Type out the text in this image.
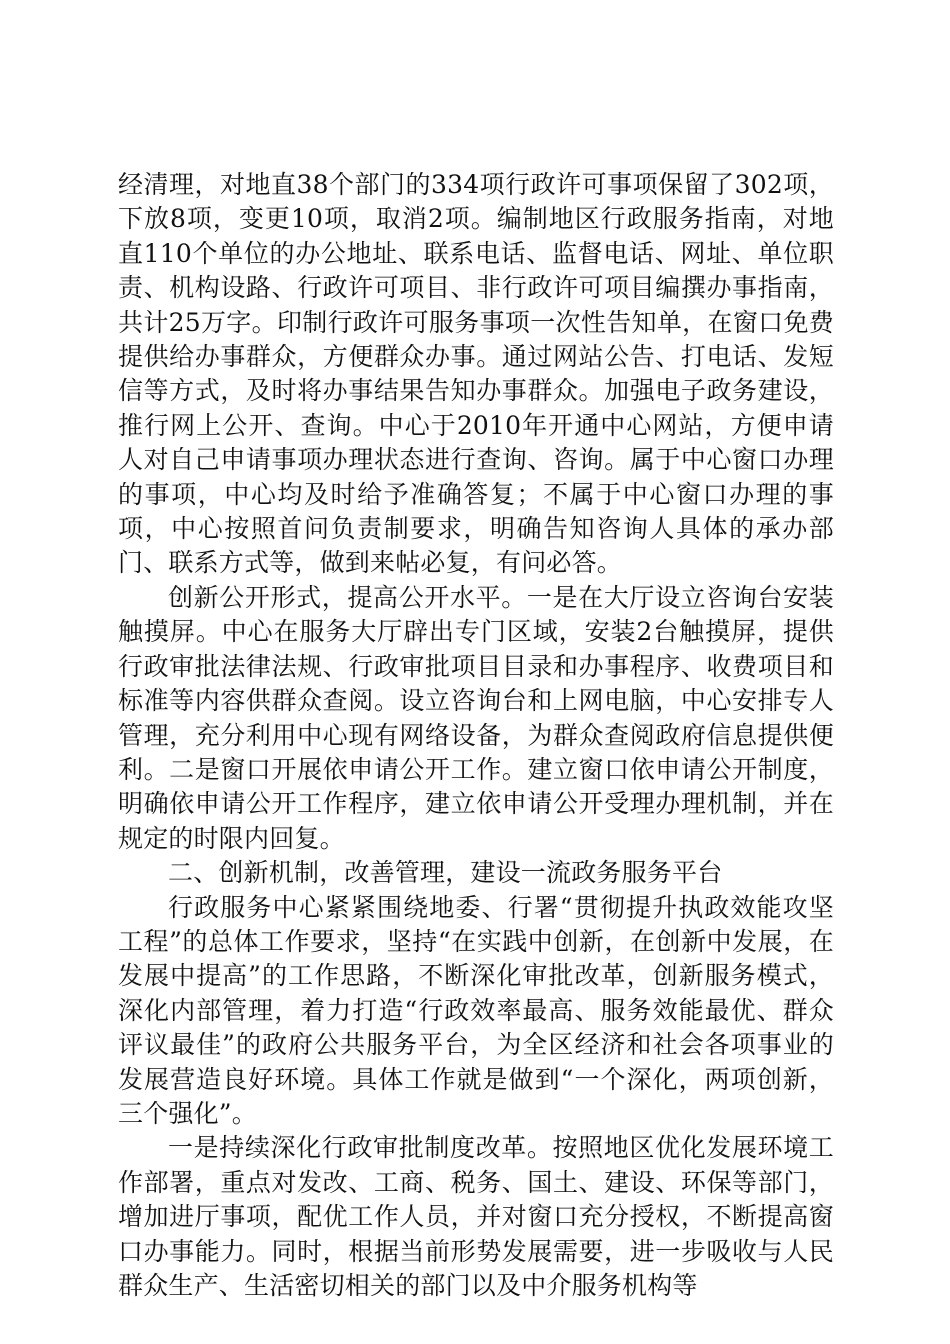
经清理，对地直38个部门的334项行政许可事项保留了302项，下放8项，变更10项，取消2项。编制地区行政服务指南，对地直110个单位的办公地址、联系电话、监督电话、网址、单位职责、机构设路、行政许可项目、非行政许可项目编撰办事指南，共计25万字。印制行政许可服务事项一次性告知单，在窗口免费提供给办事群众，方便群众办事。通过网站公告、打电话、发短信等方式，及时将办事结果告知办事群众。加强电子政务建设，推行网上公开、查询。中心于2010年开通中心网站，方便申请人对自己申请事项办理状态进行查询、咨询。属于中心窗口办理的事项，中心均及时给予准确答复；不属于中心窗口办理的事项，中心按照首问负责制要求，明确告知咨询人具体的承办部门、联系方式等，做到来帖必复，有问必答。

创新公开形式，提高公开水平。一是在大厅设立咨询台安装触摸屏。中心在服务大厅辟出专门区域，安装2台触摸屏，提供行政审批法律法规、行政审批项目目录和办事程序、收费项目和标准等内容供群众查阅。设立咨询台和上网电脑，中心安排专人管理，充分利用中心现有网络设备，为群众查阅政府信息提供便利。二是窗口开展依申请公开工作。建立窗口依申请公开制度，明确依申请公开工作程序，建立依申请公开受理办理机制，并在规定的时限内回复。

二、创新机制，改善管理，建设一流政务服务平台

行政服务中心紧紧围绕地委、行署“贯彻提升执政效能攻坚工程”的总体工作要求，坚持“在实践中创新，在创新中发展，在发展中提高”的工作思路，不断深化审批改革，创新服务模式，深化内部管理，着力打造“行政效率最高、服务效能最优、群众评议最佳”的政府公共服务平台，为全区经济和社会各项事业的发展营造良好环境。具体工作就是做到“一个深化，两项创新，三个强化”。

一是持续深化行政审批制度改革。按照地区优化发展环境工作部署，重点对发改、工商、税务、国土、建设、环保等部门，增加进厅事项，配优工作人员，并对窗口充分授权，不断提高窗口办事能力。同时，根据当前形势发展需要，进一步吸收与人民群众生产、生活密切相关的部门以及中介服务机构等
